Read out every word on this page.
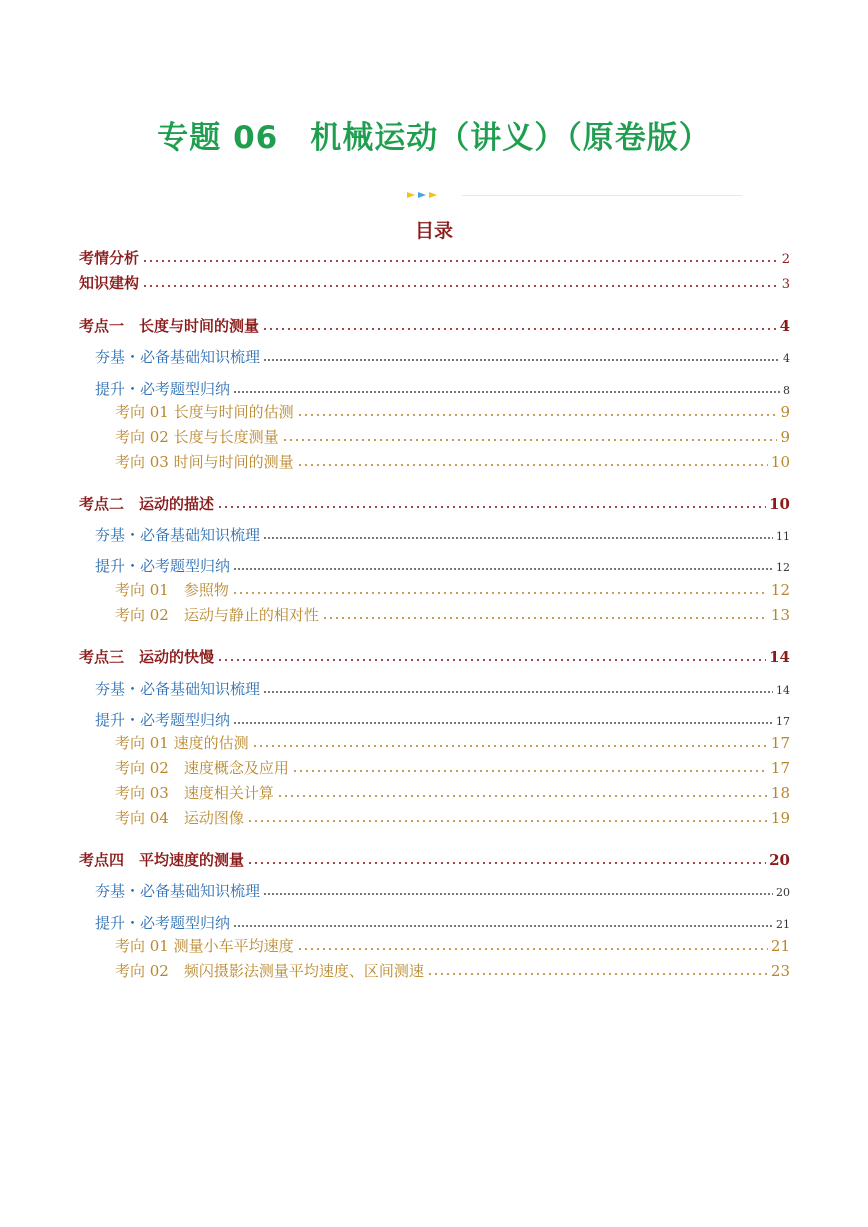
专题 06　机械运动（讲义）（原卷版）
目录
考情分析	2
知识建构	3
考点一　长度与时间的测量	4
夯基・必备基础知识梳理	4
提升・必考题型归纳	8
考向 01 长度与时间的估测	9
考向 02 长度与长度测量	9
考向 03 时间与时间的测量	10
考点二　运动的描述	10
夯基・必备基础知识梳理	11
提升・必考题型归纳	12
考向 01　参照物	12
考向 02　运动与静止的相对性	13
考点三　运动的快慢	14
夯基・必备基础知识梳理	14
提升・必考题型归纳	17
考向 01 速度的估测	17
考向 02　速度概念及应用	17
考向 03　速度相关计算	18
考向 04　运动图像	19
考点四　平均速度的测量	20
夯基・必备基础知识梳理	20
提升・必考题型归纳	21
考向 01 测量小车平均速度	21
考向 02　频闪摄影法测量平均速度、区间测速	23
